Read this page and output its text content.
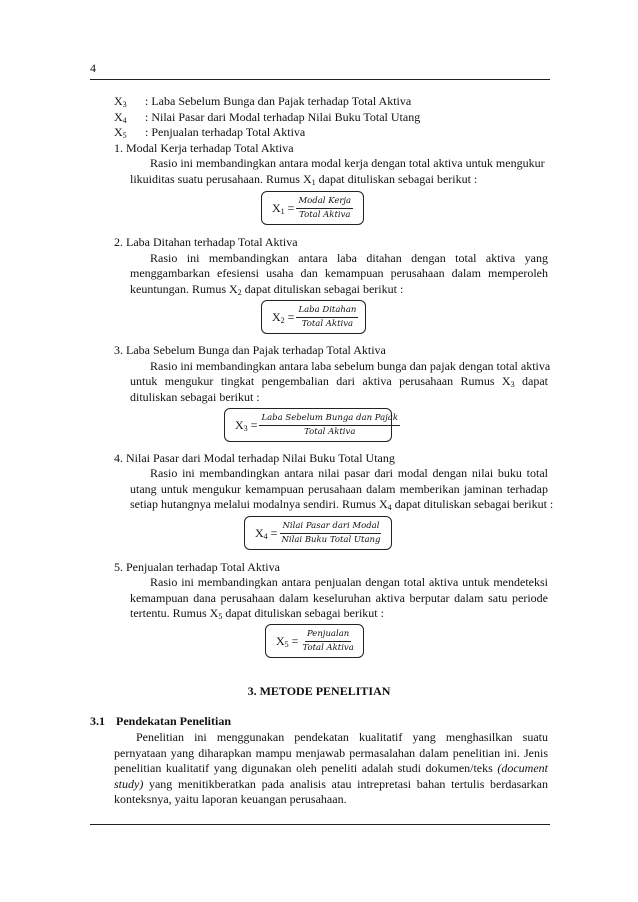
4
$X_3$ : Laba Sebelum Bunga dan Pajak terhadap Total Aktiva
$X_4$ : Nilai Pasar dari Modal terhadap Nilai Buku Total Utang
$X_5$ : Penjualan terhadap Total Aktiva
1. Modal Kerja terhadap Total Aktiva
Rasio ini membandingkan antara modal kerja dengan total aktiva untuk mengukur
likuiditas suatu perusahaan. Rumus $X_1$ dapat dituliskan sebagai berikut :
$X_1 = \frac{\text{Modal Kerja}}{\text{Total Aktiva}}$
2. Laba Ditahan terhadap Total Aktiva
Rasio ini membandingkan antara laba ditahan dengan total aktiva yang
menggambarkan efesiensi usaha dan kemampuan perusahaan dalam memperoleh
keuntungan. Rumus $X_2$ dapat dituliskan sebagai berikut :
$X_2 = \frac{\text{Laba Ditahan}}{\text{Total Aktiva}}$
3. Laba Sebelum Bunga dan Pajak terhadap Total Aktiva
Rasio ini membandingkan antara laba sebelum bunga dan pajak dengan total aktiva
untuk mengukur tingkat pengembalian dari aktiva perusahaan Rumus $X_3$ dapat
dituliskan sebagai berikut :
$X_3 = \frac{\text{Laba Sebelum Bunga dan Pajak}}{\text{Total Aktiva}}$
4. Nilai Pasar dari Modal terhadap Nilai Buku Total Utang
Rasio ini membandingkan antara nilai pasar dari modal dengan nilai buku total
utang untuk mengukur kemampuan perusahaan dalam memberikan jaminan terhadap
setiap hutangnya melalui modalnya sendiri. Rumus $X_4$ dapat dituliskan sebagai berikut :
$X_4 = \frac{\text{Nilai Pasar dari Modal}}{\text{Nilai Buku Total Utang}}$
5. Penjualan terhadap Total Aktiva
Rasio ini membandingkan antara penjualan dengan total aktiva untuk mendeteksi
kemampuan dana perusahaan dalam keseluruhan aktiva berputar dalam satu periode
tertentu. Rumus $X_5$ dapat dituliskan sebagai berikut :
$X_5 = \frac{\text{Penjualan}}{\text{Total Aktiva}}$
3. METODE PENELITIAN
3.1 Pendekatan Penelitian
Penelitian ini menggunakan pendekatan kualitatif yang menghasilkan suatu
pernyataan yang diharapkan mampu menjawab permasalahan dalam penelitian ini. Jenis
penelitian kualitatif yang digunakan oleh peneliti adalah studi dokumen/teks (document
study) yang menitikberatkan pada analisis atau intrepretasi bahan tertulis berdasarkan
konteksnya, yaitu laporan keuangan perusahaan.
